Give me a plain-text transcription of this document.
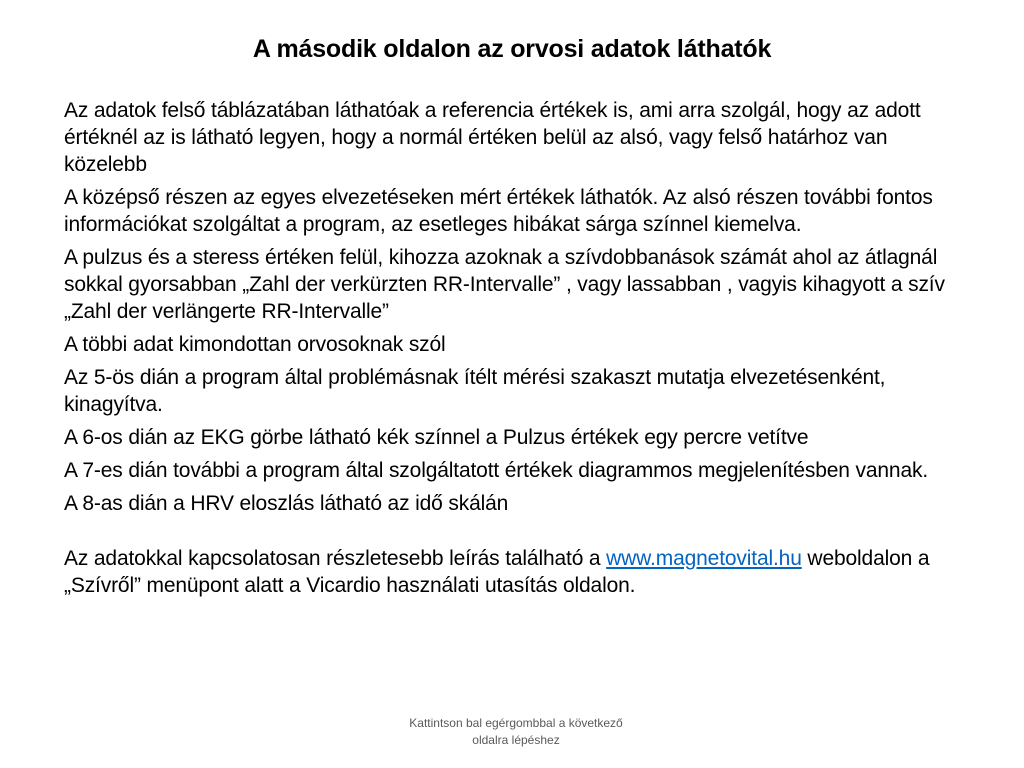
A második oldalon az orvosi adatok láthatók

Az adatok felső táblázatában láthatóak a referencia értékek is, ami arra szolgál, hogy az adott értéknél az is látható legyen, hogy a normál értéken belül az alsó, vagy felső határhoz van közelebb

A középső részen az egyes elvezetéseken mért értékek láthatók. Az alsó részen további fontos információkat szolgáltat a program, az esetleges hibákat sárga színnel kiemelva.

A pulzus és a steress értéken felül, kihozza azoknak a szívdobbanások számát ahol az átlagnál sokkal gyorsabban „Zahl der verkürzten RR-Intervalle” , vagy lassabban , vagyis kihagyott a szív „Zahl der verlängerte RR-Intervalle”

A többi adat kimondottan orvosoknak szól

Az 5-ös dián a program által problémásnak ítélt mérési szakaszt mutatja elvezetésenként, kinagyítva.

A 6-os dián az EKG görbe látható kék színnel a Pulzus értékek egy percre vetítve

A 7-es dián további a program által szolgáltatott értékek diagrammos megjelenítésben vannak.

A 8-as dián a HRV eloszlás látható az idő skálán

Az adatokkal kapcsolatosan részletesebb leírás található a www.magnetovital.hu weboldalon a „Szívről” menüpont alatt a Vicardio használati utasítás oldalon.

Kattintson bal egérgombbal a következő
oldalra lépéshez
